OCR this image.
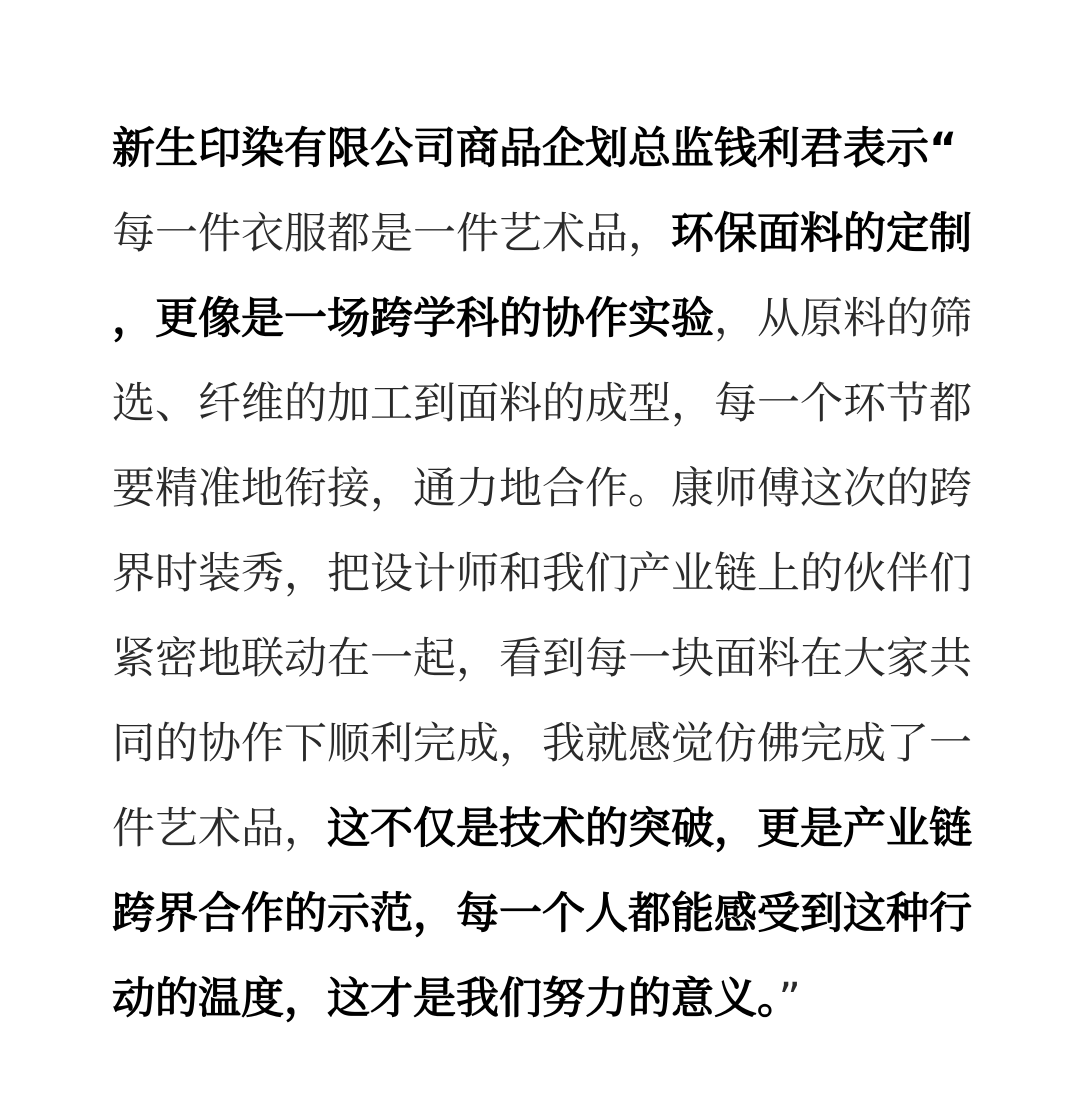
新生印染有限公司商品企划总监钱利君表示“
每一件衣服都是一件艺术品，环保面料的定制
，更像是一场跨学科的协作实验，从原料的筛
选、纤维的加工到面料的成型，每一个环节都
要精准地衔接，通力地合作。康师傅这次的跨
界时装秀，把设计师和我们产业链上的伙伴们
紧密地联动在一起，看到每一块面料在大家共
同的协作下顺利完成，我就感觉仿佛完成了一
件艺术品，这不仅是技术的突破，更是产业链
跨界合作的示范，每一个人都能感受到这种行
动的温度，这才是我们努力的意义。”
